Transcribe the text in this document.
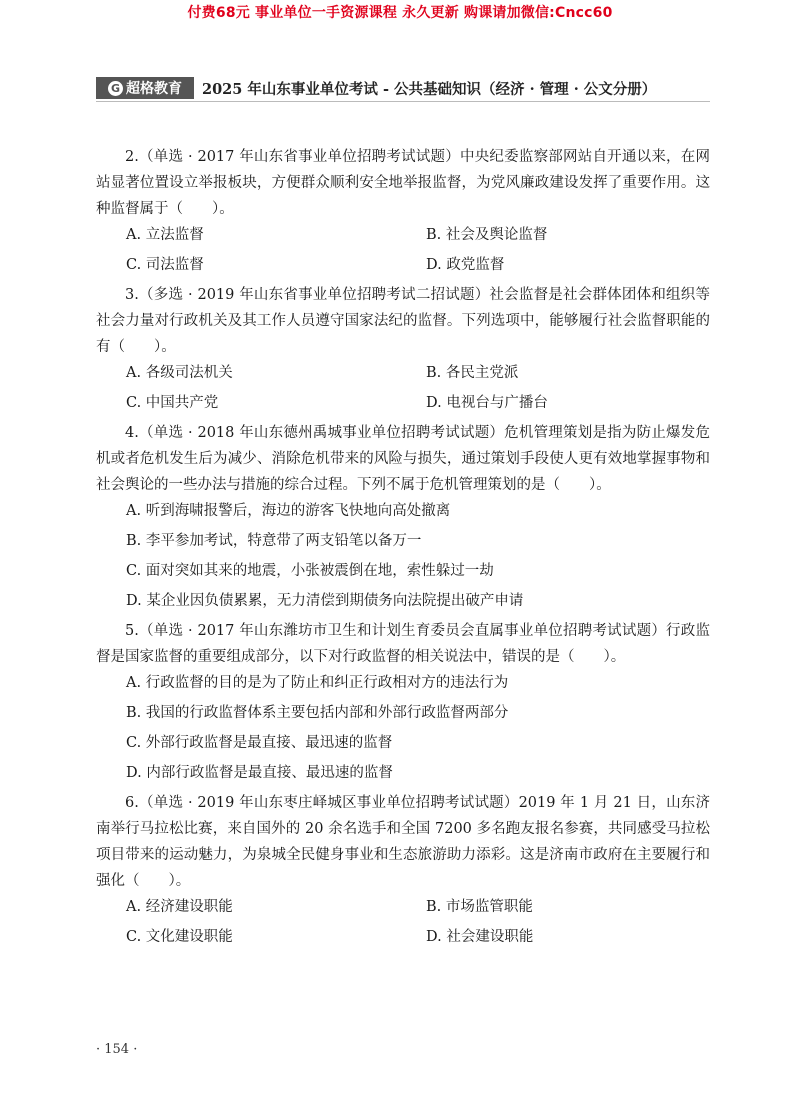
付费68元 事业单位一手资源课程 永久更新 购课请加微信:Cncc60
G 超格教育 2025 年山东事业单位考试 - 公共基础知识（经济 · 管理 · 公文分册）

2.（单选 · 2017 年山东省事业单位招聘考试试题）中央纪委监察部网站自开通以来，在网站显著位置设立举报板块，方便群众顺利安全地举报监督，为党风廉政建设发挥了重要作用。这种监督属于（　　）。

A. 立法监督	B. 社会及舆论监督
C. 司法监督	D. 政党监督

3.（多选 · 2019 年山东省事业单位招聘考试二招试题）社会监督是社会群体团体和组织等社会力量对行政机关及其工作人员遵守国家法纪的监督。下列选项中，能够履行社会监督职能的有（　　）。

A. 各级司法机关	B. 各民主党派
C. 中国共产党	D. 电视台与广播台

4.（单选 · 2018 年山东德州禹城事业单位招聘考试试题）危机管理策划是指为防止爆发危机或者危机发生后为减少、消除危机带来的风险与损失，通过策划手段使人更有效地掌握事物和社会舆论的一些办法与措施的综合过程。下列不属于危机管理策划的是（　　）。

A. 听到海啸报警后，海边的游客飞快地向高处撤离

B. 李平参加考试，特意带了两支铅笔以备万一

C. 面对突如其来的地震，小张被震倒在地，索性躲过一劫

D. 某企业因负债累累，无力清偿到期债务向法院提出破产申请

5.（单选 · 2017 年山东潍坊市卫生和计划生育委员会直属事业单位招聘考试试题）行政监督是国家监督的重要组成部分，以下对行政监督的相关说法中，错误的是（　　）。

A. 行政监督的目的是为了防止和纠正行政相对方的违法行为

B. 我国的行政监督体系主要包括内部和外部行政监督两部分

C. 外部行政监督是最直接、最迅速的监督

D. 内部行政监督是最直接、最迅速的监督

6.（单选 · 2019 年山东枣庄峄城区事业单位招聘考试试题）2019 年 1 月 21 日，山东济南举行马拉松比赛，来自国外的 20 余名选手和全国 7200 多名跑友报名参赛，共同感受马拉松项目带来的运动魅力，为泉城全民健身事业和生态旅游助力添彩。这是济南市政府在主要履行和强化（　　）。

A. 经济建设职能	B. 市场监管职能
C. 文化建设职能	D. 社会建设职能
· 154 ·
